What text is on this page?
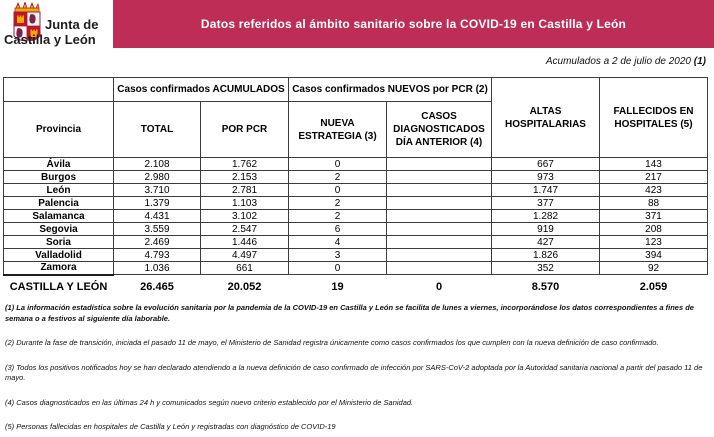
Junta de
Castilla y León
Datos referidos al ámbito sanitario sobre la COVID-19 en Castilla y León
Acumulados a 2 de julio de 2020 (1)
	Casos confirmados ACUMULADOS		Casos confirmados NUEVOS por PCR (2)		ALTAS HOSPITALARIAS	FALLECIDOS EN HOSPITALES (5)
Provincia	TOTAL	POR PCR	NUEVA ESTRATEGIA (3)	CASOS DIAGNOSTICADOS DÍA ANTERIOR (4)		
Ávila	2.108	1.762	0		667	143
Burgos	2.980	2.153	2		973	217
León	3.710	2.781	0		1.747	423
Palencia	1.379	1.103	2		377	88
Salamanca	4.431	3.102	2		1.282	371
Segovia	3.559	2.547	6		919	208
Soria	2.469	1.446	4		427	123
Valladolid	4.793	4.497	3		1.826	394
Zamora	1.036	661	0		352	92
CASTILLA Y LEÓN	26.465	20.052	19	0	8.570	2.059
(1) La información estadística sobre la evolución sanitaria por la pandemia de la COVID-19 en Castilla y León se facilita de lunes a viernes, incorporándose los datos correspondientes a fines de semana o a festivos al siguiente día laborable.
(2) Durante la fase de transición, iniciada el pasado 11 de mayo, el Ministerio de Sanidad registra únicamente como casos confirmados los que cumplen con la nueva definición de caso confirmado.
(3) Todos los positivos notificados hoy se han declarado atendiendo a la nueva definición de caso confirmado de infección por SARS-CoV-2 adoptada por la Autoridad sanitaria nacional a partir del pasado 11 de mayo.
(4) Casos diagnosticados en las últimas 24 h y comunicados según nuevo criterio establecido por el Ministerio de Sanidad.
(5) Personas fallecidas en hospitales de Castilla y León y registradas con diagnóstico de COVID-19
